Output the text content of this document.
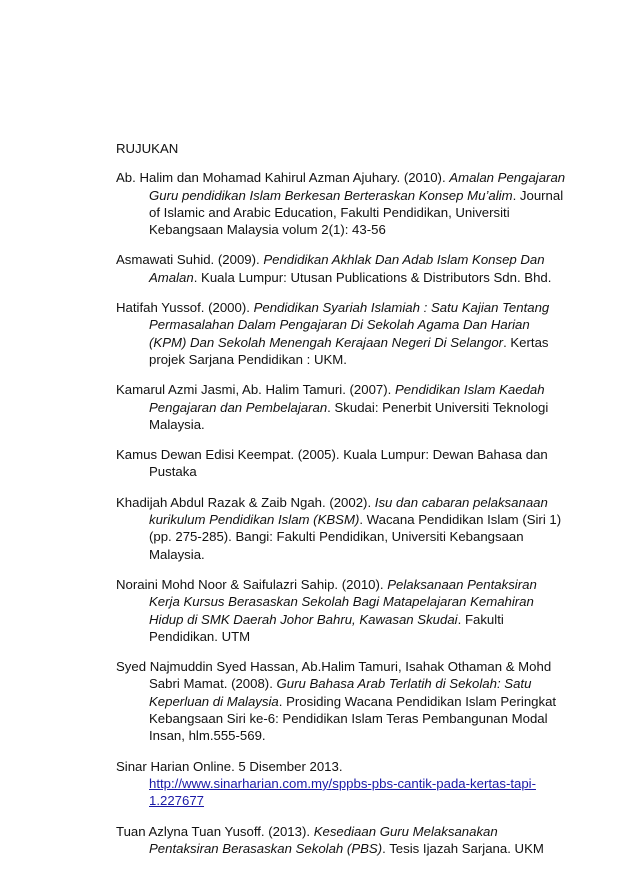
RUJUKAN

Ab. Halim dan Mohamad Kahirul Azman Ajuhary. (2010). Amalan Pengajaran Guru pendidikan Islam Berkesan Berteraskan Konsep Mu’alim. Journal of Islamic and Arabic Education, Fakulti Pendidikan, Universiti Kebangsaan Malaysia volum 2(1): 43-56

Asmawati Suhid. (2009). Pendidikan Akhlak Dan Adab Islam Konsep Dan Amalan. Kuala Lumpur: Utusan Publications & Distributors Sdn. Bhd.

Hatifah Yussof. (2000). Pendidikan Syariah Islamiah : Satu Kajian Tentang Permasalahan Dalam Pengajaran Di Sekolah Agama Dan Harian (KPM) Dan Sekolah Menengah Kerajaan Negeri Di Selangor. Kertas projek Sarjana Pendidikan : UKM.

Kamarul Azmi Jasmi, Ab. Halim Tamuri. (2007). Pendidikan Islam Kaedah Pengajaran dan Pembelajaran. Skudai: Penerbit Universiti Teknologi Malaysia.

Kamus Dewan Edisi Keempat. (2005). Kuala Lumpur: Dewan Bahasa dan Pustaka

Khadijah Abdul Razak & Zaib Ngah. (2002). Isu dan cabaran pelaksanaan kurikulum Pendidikan Islam (KBSM). Wacana Pendidikan Islam (Siri 1) (pp. 275-285). Bangi: Fakulti Pendidikan, Universiti Kebangsaan Malaysia.

Noraini Mohd Noor & Saifulazri Sahip. (2010). Pelaksanaan Pentaksiran Kerja Kursus Berasaskan Sekolah Bagi Matapelajaran Kemahiran Hidup di SMK Daerah Johor Bahru, Kawasan Skudai. Fakulti Pendidikan. UTM

Syed Najmuddin Syed Hassan, Ab.Halim Tamuri, Isahak Othaman & Mohd Sabri Mamat. (2008). Guru Bahasa Arab Terlatih di Sekolah: Satu Keperluan di Malaysia. Prosiding Wacana Pendidikan Islam Peringkat Kebangsaan Siri ke-6: Pendidikan Islam Teras Pembangunan Modal Insan, hlm.555-569.

Sinar Harian Online. 5 Disember 2013. http://www.sinarharian.com.my/sppbs-pbs-cantik-pada-kertas-tapi-1.227677

Tuan Azlyna Tuan Yusoff. (2013). Kesediaan Guru Melaksanakan Pentaksiran Berasaskan Sekolah (PBS). Tesis Ijazah Sarjana. UKM
